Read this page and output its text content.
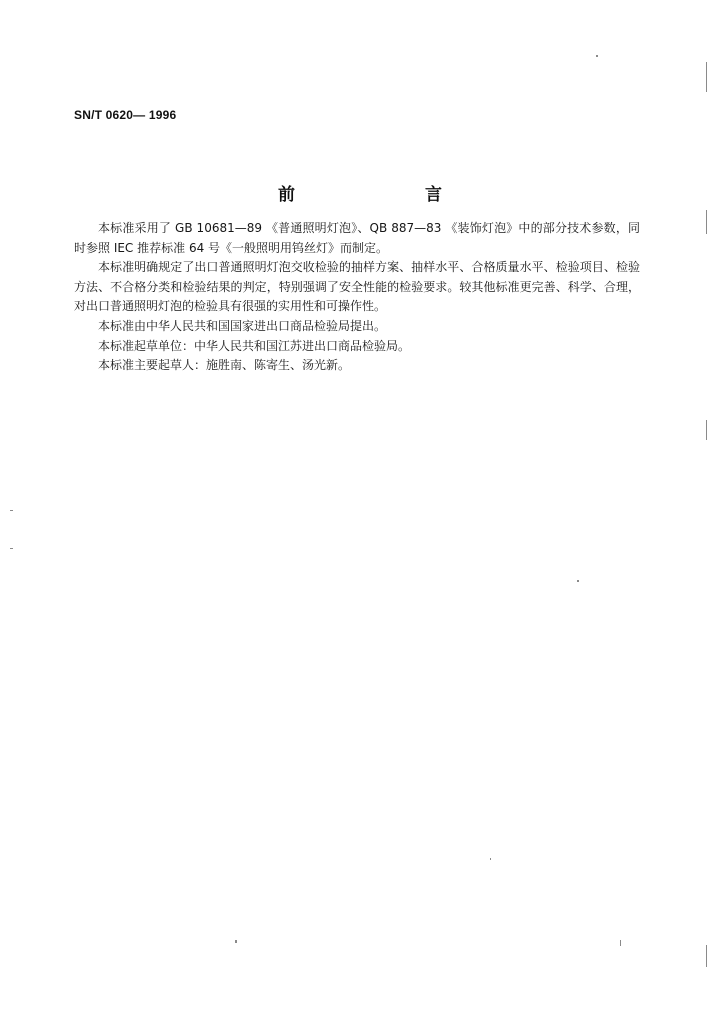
SN/T 0620— 1996
前 言

本标准采用了 GB 10681—89 《普通照明灯泡》、QB 887—83 《装饰灯泡》中的部分技术参数，同时参照 IEC 推荐标准 64 号《一般照明用钨丝灯》而制定。

本标准明确规定了出口普通照明灯泡交收检验的抽样方案、抽样水平、合格质量水平、检验项目、检验方法、不合格分类和检验结果的判定，特别强调了安全性能的检验要求。较其他标准更完善、科学、合理，对出口普通照明灯泡的检验具有很强的实用性和可操作性。

本标准由中华人民共和国国家进出口商品检验局提出。

本标准起草单位：中华人民共和国江苏进出口商品检验局。

本标准主要起草人：施胜南、陈寄生、汤光新。
